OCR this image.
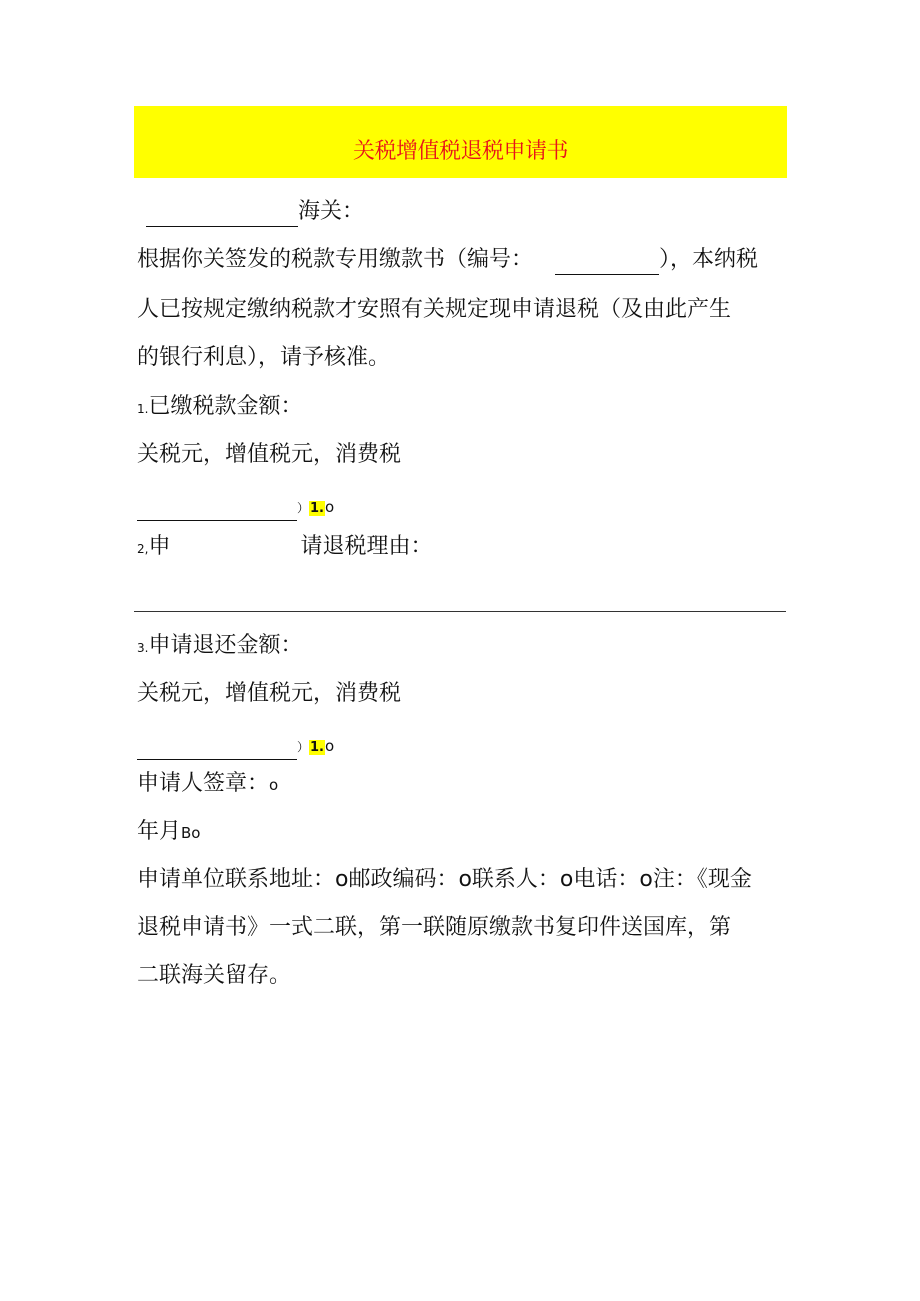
关税增值税退税申请书
海关：
根据你关签发的税款专用缴款书（编号：	），本纳税
人已按规定缴纳税款才安照有关规定现申请退税（及由此产生
的银行利息），请予核准。
1.已缴税款金额：
关税元，增值税元，消费税
）1.o
2,申	请退税理由：
3.申请退还金额：
关税元，增值税元，消费税
）1.o
申请人签章：o
年月Bo
申请单位联系地址：o邮政编码：o联系人：o电话：o注：《现金
退税申请书》一式二联，第一联随原缴款书复印件送国库，第
二联海关留存。
